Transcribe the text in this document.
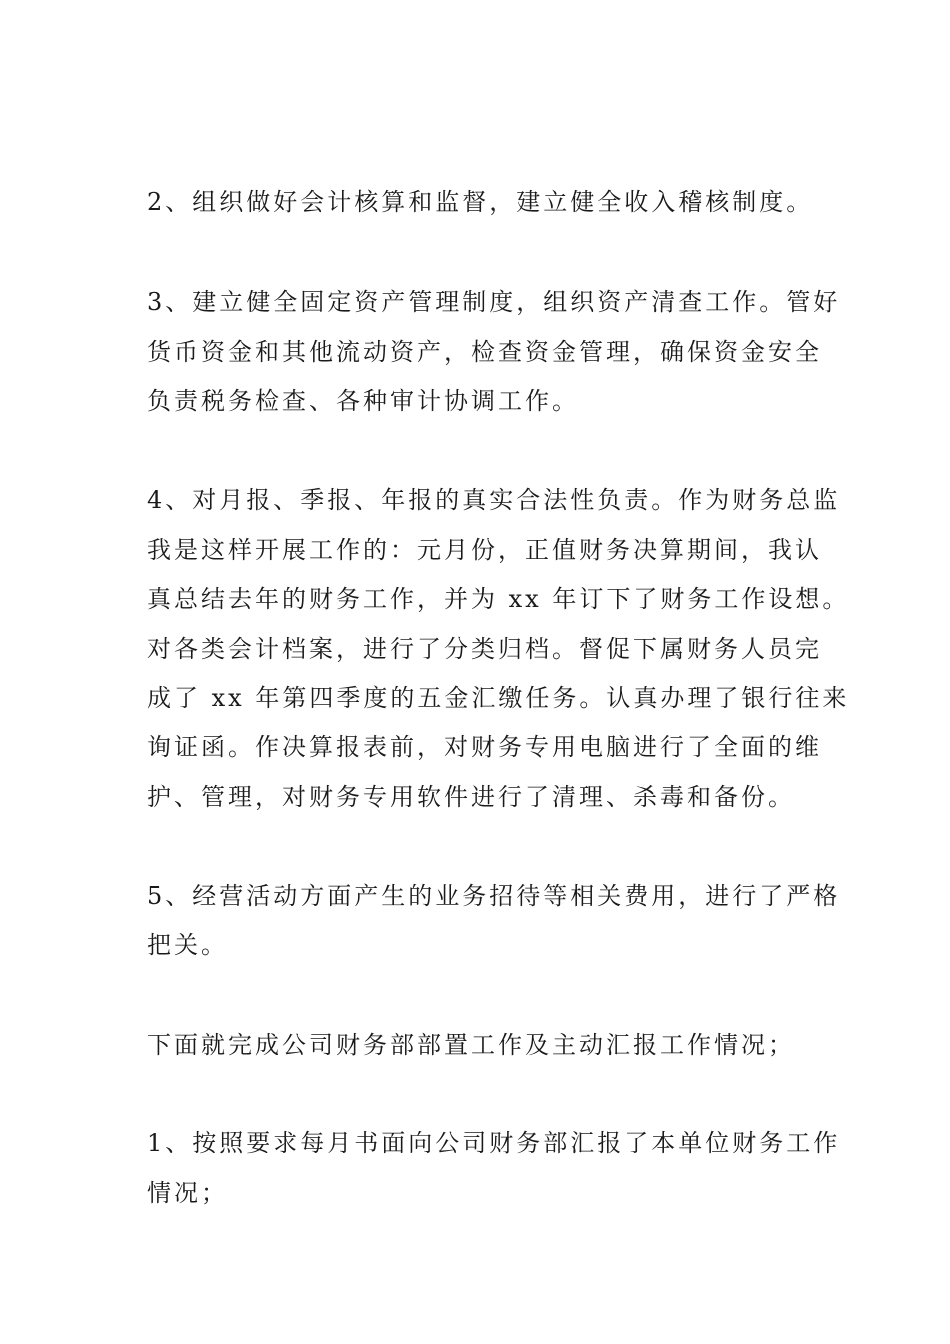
2、组织做好会计核算和监督，建立健全收入稽核制度。

3、建立健全固定资产管理制度，组织资产清查工作。管好

货币资金和其他流动资产，检查资金管理，确保资金安全

负责税务检查、各种审计协调工作。

4、对月报、季报、年报的真实合法性负责。作为财务总监

我是这样开展工作的：元月份，正值财务决算期间，我认

真总结去年的财务工作，并为 xx 年订下了财务工作设想。

对各类会计档案，进行了分类归档。督促下属财务人员完

成了 xx 年第四季度的五金汇缴任务。认真办理了银行往来

询证函。作决算报表前，对财务专用电脑进行了全面的维

护、管理，对财务专用软件进行了清理、杀毒和备份。

5、经营活动方面产生的业务招待等相关费用，进行了严格

把关。

下面就完成公司财务部部置工作及主动汇报工作情况；

1、按照要求每月书面向公司财务部汇报了本单位财务工作

情况；
